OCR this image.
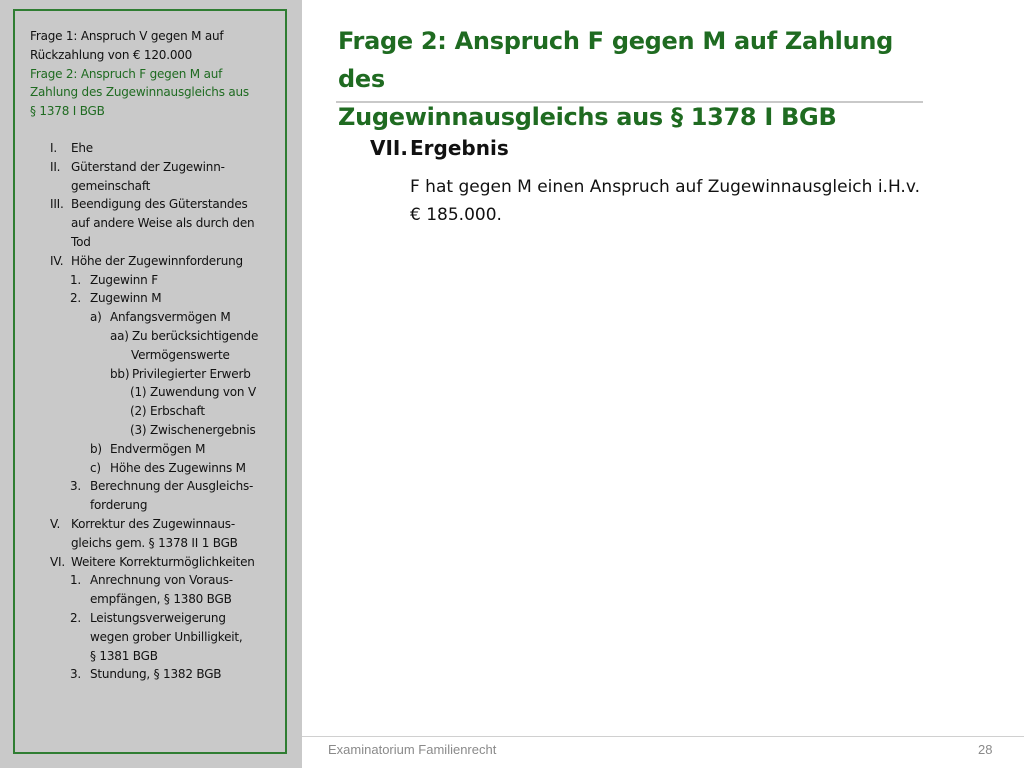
Frage 1: Anspruch V gegen M auf
Rückzahlung von € 120.000
Frage 2: Anspruch F gegen M auf
Zahlung des Zugewinnausgleichs aus
§ 1378 I BGB
I. Ehe
II. Güterstand der Zugewinn-
gemeinschaft
III. Beendigung des Güterstandes
auf andere Weise als durch den
Tod
IV. Höhe der Zugewinnforderung
1. Zugewinn F
2. Zugewinn M
a) Anfangsvermögen M
aa) Zu berücksichtigende
Vermögenswerte
bb) Privilegierter Erwerb
(1) Zuwendung von V
(2) Erbschaft
(3) Zwischenergebnis
b) Endvermögen M
c) Höhe des Zugewinns M
3. Berechnung der Ausgleichs-
forderung
V. Korrektur des Zugewinnaus-
gleichs gem. § 1378 II 1 BGB
VI. Weitere Korrekturmöglichkeiten
1. Anrechnung von Voraus-
empfängen, § 1380 BGB
2. Leistungsverweigerung
wegen grober Unbilligkeit,
§ 1381 BGB
3. Stundung, § 1382 BGB
Frage 2: Anspruch F gegen M auf Zahlung des
Zugewinnausgleichs aus § 1378 I BGB
VII. Ergebnis
F hat gegen M einen Anspruch auf Zugewinnausgleich i.H.v.
€ 185.000.
Examinatorium Familienrecht	28
